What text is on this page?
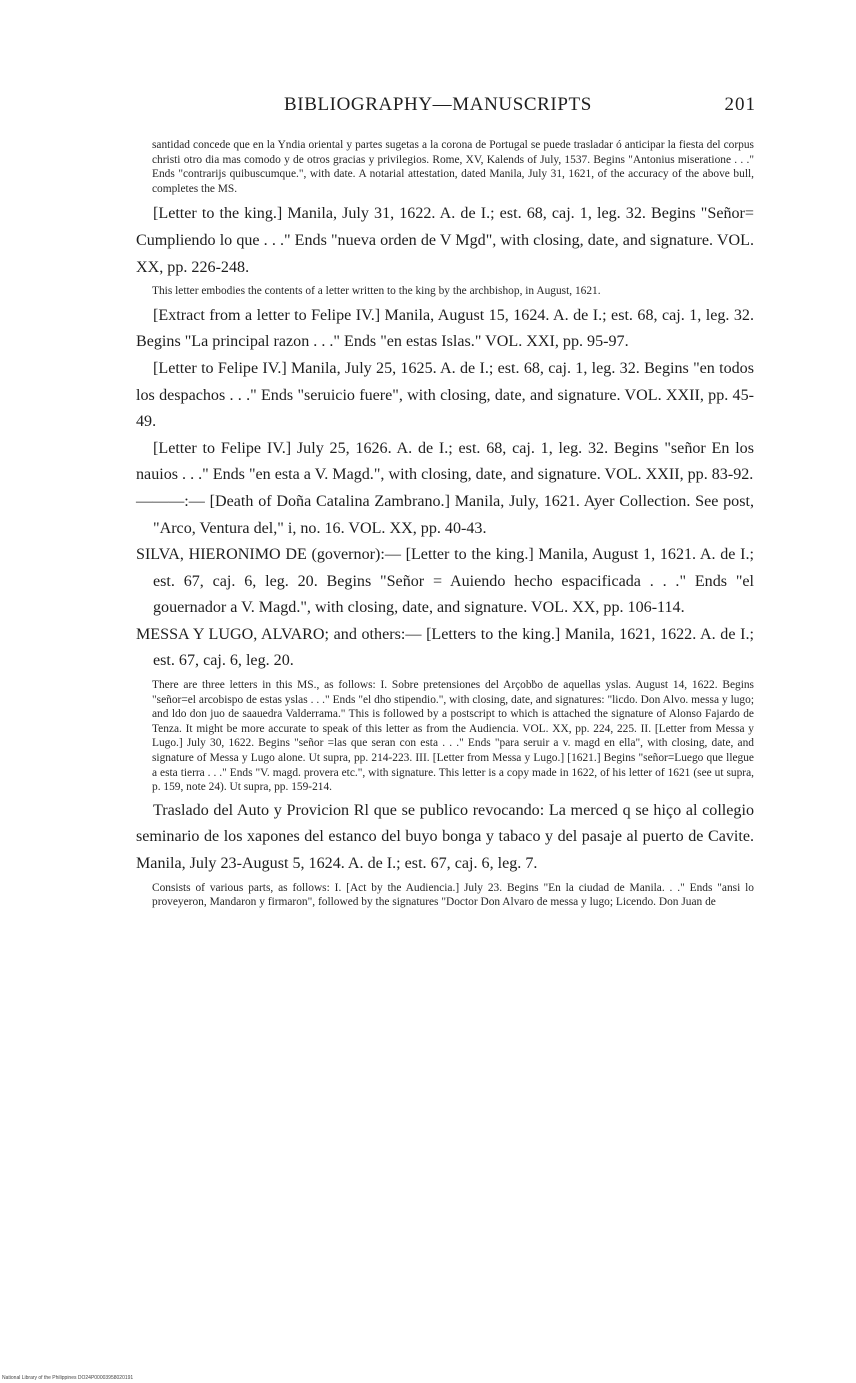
BIBLIOGRAPHY—MANUSCRIPTS	201

santidad concede que en la Yndia oriental y partes sugetas a la corona de Portugal se puede trasladar ó anticipar la fiesta del corpus christi otro dia mas comodo y de otros gracias y privilegios. Rome, XV, Kalends of July, 1537. Begins "Antonius miseratione . . ." Ends "contrarijs quibuscumque.", with date. A notarial attestation, dated Manila, July 31, 1621, of the accuracy of the above bull, completes the MS.

[Letter to the king.] Manila, July 31, 1622. A. de I.; est. 68, caj. 1, leg. 32. Begins "Señor= Cumpliendo lo que . . ." Ends "nueva orden de V Mgd", with closing, date, and signature. VOL. XX, pp. 226-248.

This letter embodies the contents of a letter written to the king by the archbishop, in August, 1621.

[Extract from a letter to Felipe IV.] Manila, August 15, 1624. A. de I.; est. 68, caj. 1, leg. 32. Begins "La principal razon . . ." Ends "en estas Islas." VOL. XXI, pp. 95-97.

[Letter to Felipe IV.] Manila, July 25, 1625. A. de I.; est. 68, caj. 1, leg. 32. Begins "en todos los despachos . . ." Ends "seruicio fuere", with closing, date, and signature. VOL. XXII, pp. 45-49.

[Letter to Felipe IV.] July 25, 1626. A. de I.; est. 68, caj. 1, leg. 32. Begins "señor En los nauios . . ." Ends "en esta a V. Magd.", with closing, date, and signature. VOL. XXII, pp. 83-92.

———:— [Death of Doña Catalina Zambrano.] Manila, July, 1621. Ayer Collection. See post, "Arco, Ventura del," i, no. 16. VOL. XX, pp. 40-43.

SILVA, HIERONIMO DE (governor):— [Letter to the king.] Manila, August 1, 1621. A. de I.; est. 67, caj. 6, leg. 20. Begins "Señor = Auiendo hecho espacificada . . ." Ends "el gouernador a V. Magd.", with closing, date, and signature. VOL. XX, pp. 106-114.

MESSA Y LUGO, ALVARO; and others:— [Letters to the king.] Manila, 1621, 1622. A. de I.; est. 67, caj. 6, leg. 20.

There are three letters in this MS., as follows: I. Sobre pretensiones del Arçobḃo de aquellas yslas. August 14, 1622. Begins "señor=el arcobispo de estas yslas . . ." Ends "el dho stipendio.", with closing, date, and signatures: "licdo. Don Alvo. messa y lugo; and ldo don juo de saauedra Valderrama." This is followed by a postscript to which is attached the signature of Alonso Fajardo de Tenza. It might be more accurate to speak of this letter as from the Audiencia. VOL. XX, pp. 224, 225. II. [Letter from Messa y Lugo.] July 30, 1622. Begins "señor =las que seran con esta . . ." Ends "para seruir a v. magd en ella", with closing, date, and signature of Messa y Lugo alone. Ut supra, pp. 214-223. III. [Letter from Messa y Lugo.] [1621.] Begins "señor=Luego que llegue a esta tierra . . ." Ends "V. magd. provera etc.", with signature. This letter is a copy made in 1622, of his letter of 1621 (see ut supra, p. 159, note 24). Ut supra, pp. 159-214.

Traslado del Auto y Provicion Rl que se publico revocando: La merced q se hiço al collegio seminario de los xapones del estanco del buyo bonga y tabaco y del pasaje al puerto de Cavite. Manila, July 23-August 5, 1624. A. de I.; est. 67, caj. 6, leg. 7.

Consists of various parts, as follows: I. [Act by the Audiencia.] July 23. Begins "En la ciudad de Manila. . ." Ends "ansi lo proveyeron, Mandaron y firmaron", followed by the signatures "Doctor Don Alvaro de messa y lugo; Licendo. Don Juan de

National Library of the Philippines DO24P00003958020191
